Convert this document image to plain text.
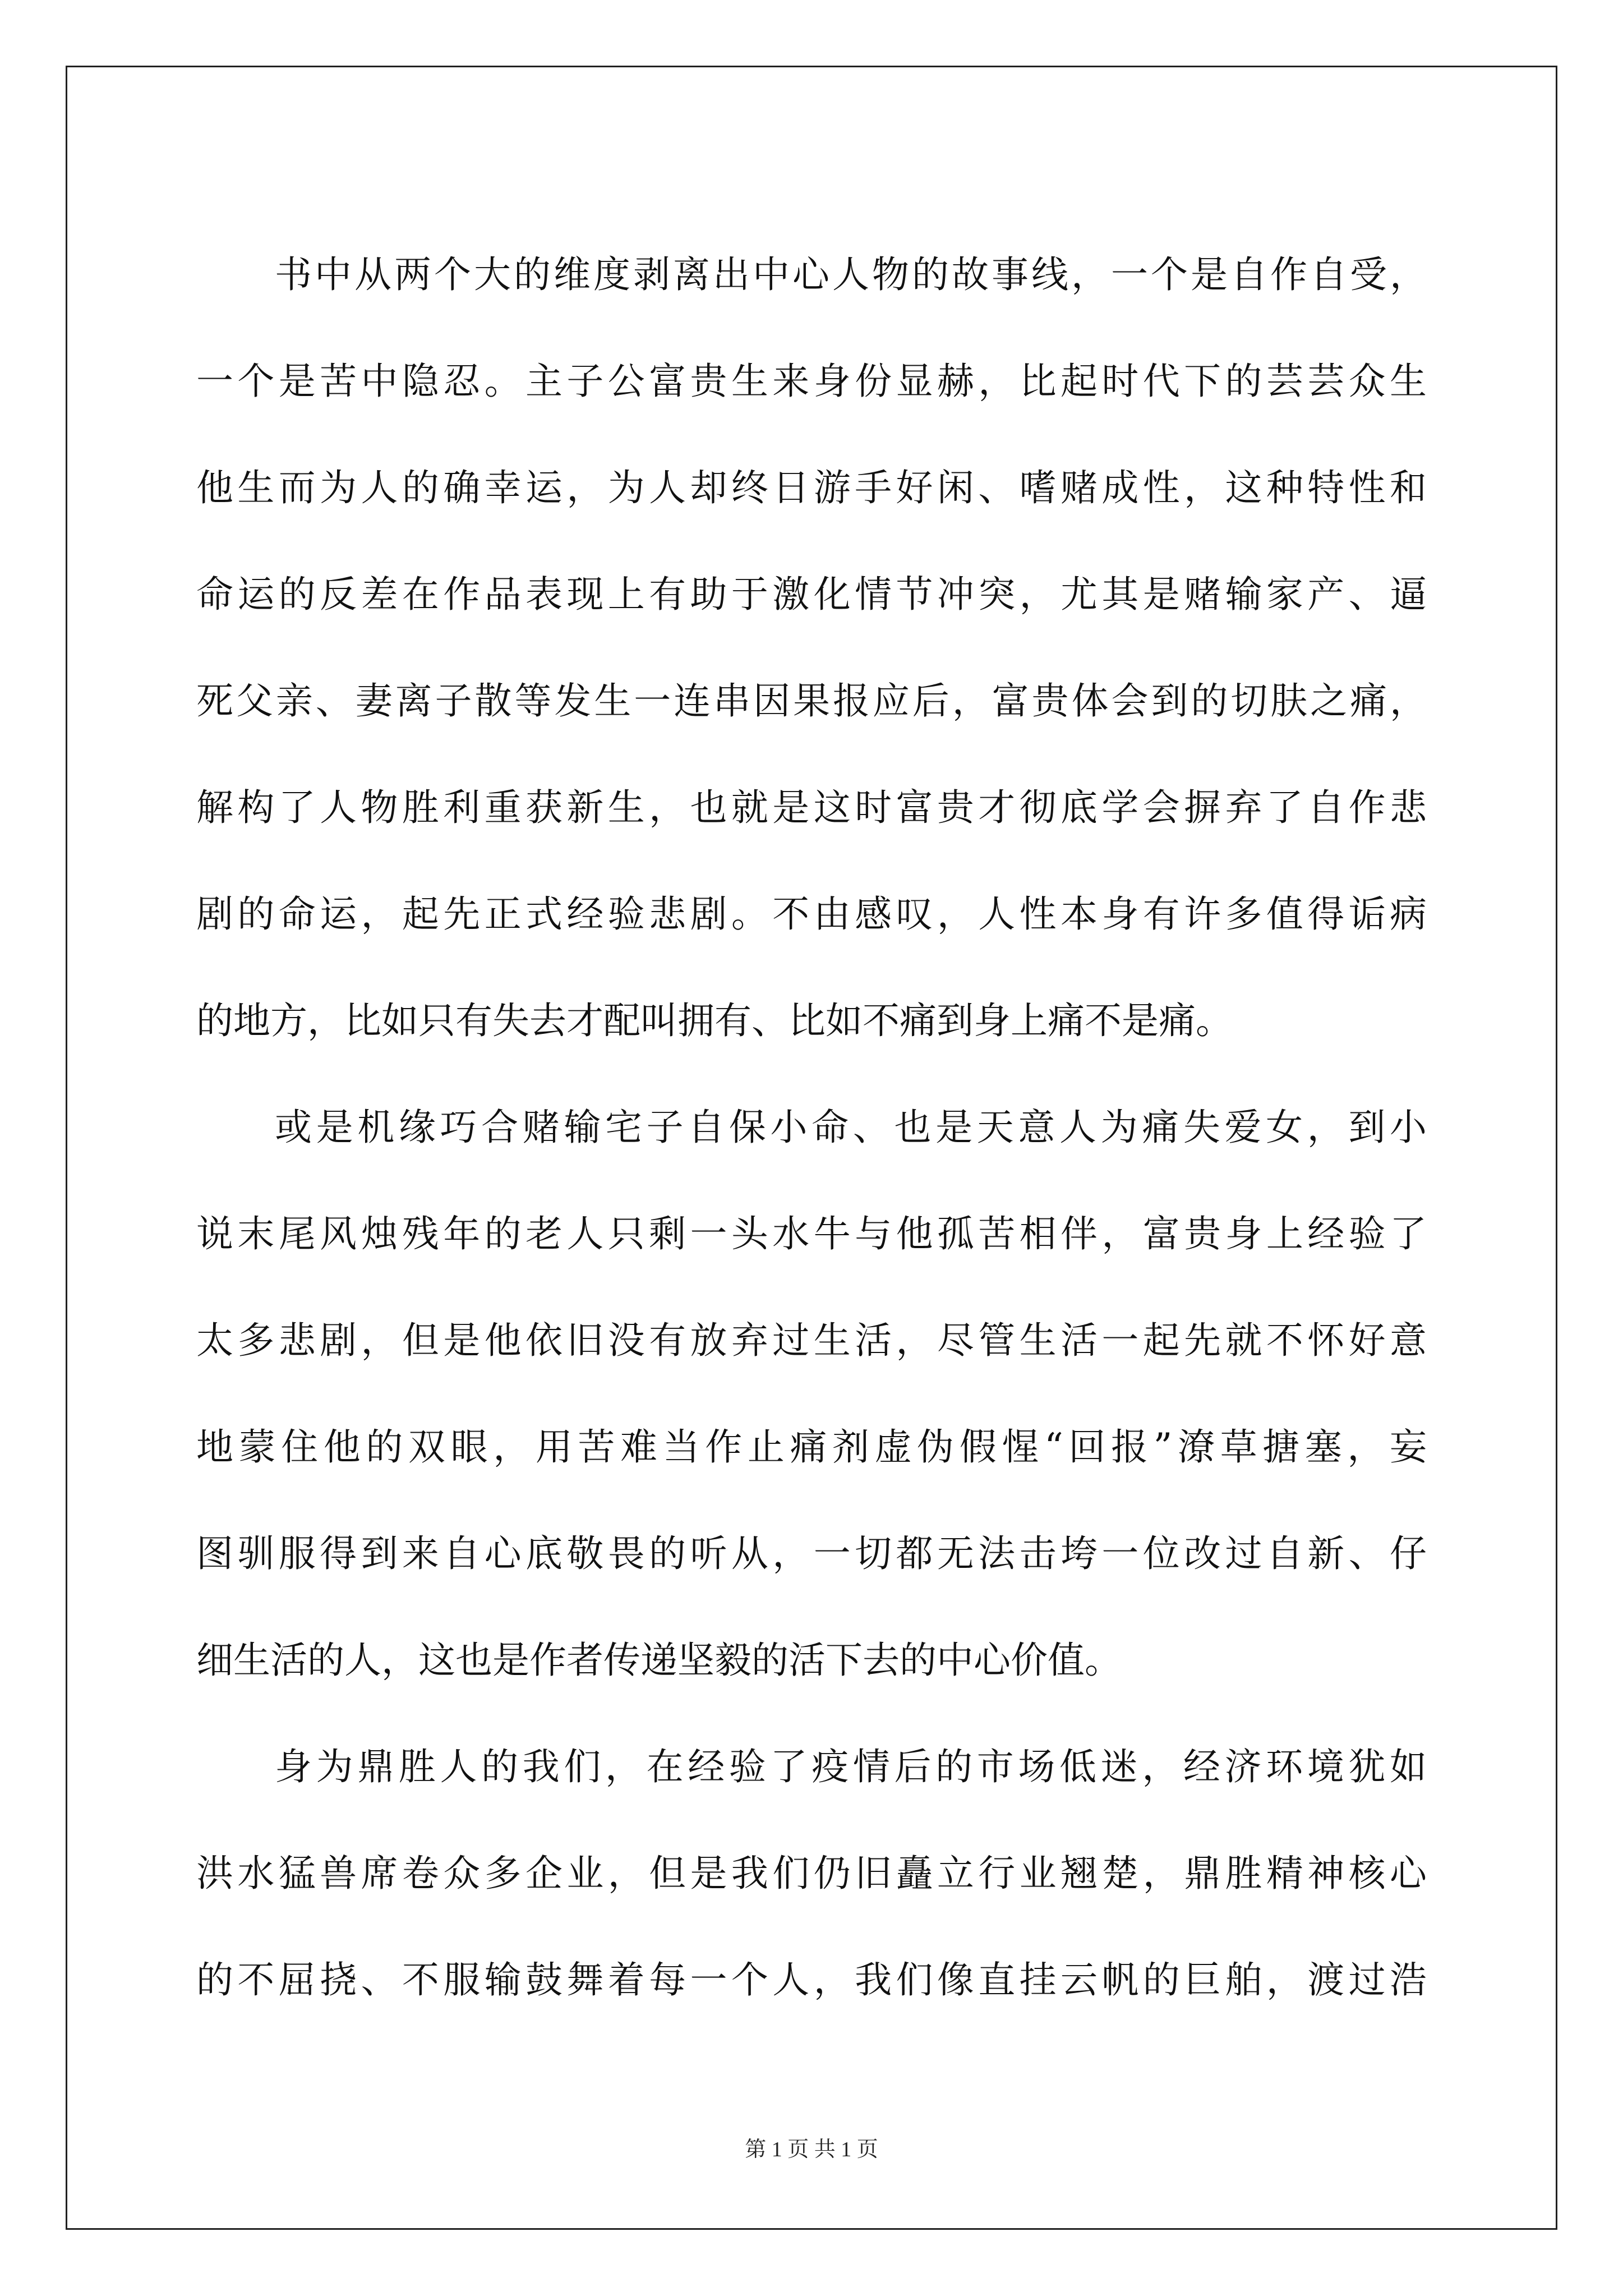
书中从两个大的维度剥离出中心人物的故事线，一个是自作自受，
一个是苦中隐忍。主子公富贵生来身份显赫，比起时代下的芸芸众生
他生而为人的确幸运，为人却终日游手好闲、嗜赌成性，这种特性和
命运的反差在作品表现上有助于激化情节冲突，尤其是赌输家产、逼
死父亲、妻离子散等发生一连串因果报应后，富贵体会到的切肤之痛，
解构了人物胜利重获新生，也就是这时富贵才彻底学会摒弃了自作悲
剧的命运，起先正式经验悲剧。不由感叹，人性本身有许多值得诟病
的地方，比如只有失去才配叫拥有、比如不痛到身上痛不是痛。
或是机缘巧合赌输宅子自保小命、也是天意人为痛失爱女，到小
说末尾风烛残年的老人只剩一头水牛与他孤苦相伴，富贵身上经验了
太多悲剧，但是他依旧没有放弃过生活，尽管生活一起先就不怀好意
地蒙住他的双眼，用苦难当作止痛剂虚伪假惺“回报”潦草搪塞，妄
图驯服得到来自心底敬畏的听从，一切都无法击垮一位改过自新、仔
细生活的人，这也是作者传递坚毅的活下去的中心价值。
身为鼎胜人的我们，在经验了疫情后的市场低迷，经济环境犹如
洪水猛兽席卷众多企业，但是我们仍旧矗立行业翘楚，鼎胜精神核心
的不屈挠、不服输鼓舞着每一个人，我们像直挂云帆的巨舶，渡过浩
第 1 页 共 1 页
